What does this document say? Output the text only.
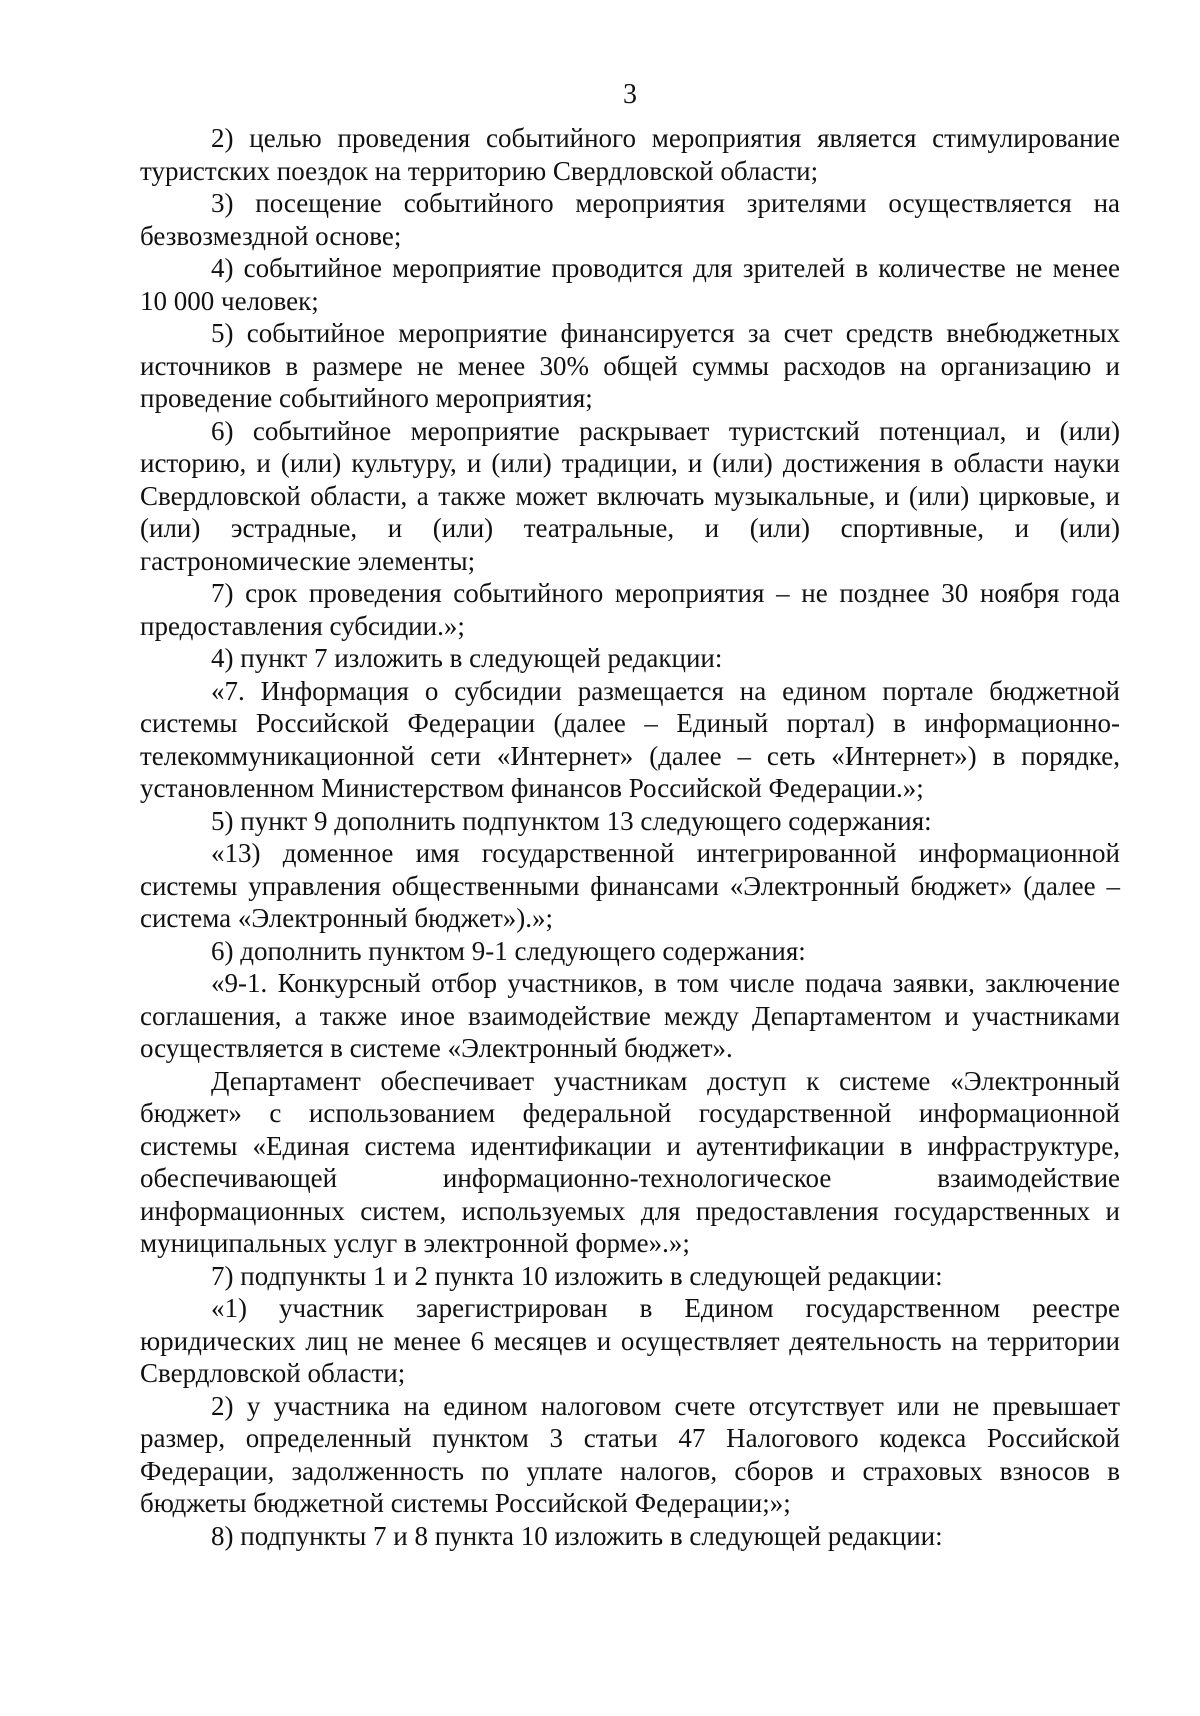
3

2) целью проведения событийного мероприятия является стимулирование туристских поездок на территорию Свердловской области;

3) посещение событийного мероприятия зрителями осуществляется на безвозмездной основе;

4) событийное мероприятие проводится для зрителей в количестве не менее 10 000 человек;

5) событийное мероприятие финансируется за счет средств внебюджетных источников в размере не менее 30% общей суммы расходов на организацию и проведение событийного мероприятия;

6) событийное мероприятие раскрывает туристский потенциал, и (или) историю, и (или) культуру, и (или) традиции, и (или) достижения в области науки Свердловской области, а также может включать музыкальные, и (или) цирковые, и (или) эстрадные, и (или) театральные, и (или) спортивные, и (или) гастрономические элементы;

7) срок проведения событийного мероприятия – не позднее 30 ноября года предоставления субсидии.»;

4) пункт 7 изложить в следующей редакции:

«7. Информация о субсидии размещается на едином портале бюджетной системы Российской Федерации (далее – Единый портал) в информационно-телекоммуникационной сети «Интернет» (далее – сеть «Интернет») в порядке, установленном Министерством финансов Российской Федерации.»;

5) пункт 9 дополнить подпунктом 13 следующего содержания:

«13) доменное имя государственной интегрированной информационной системы управления общественными финансами «Электронный бюджет» (далее – система «Электронный бюджет»).»;

6) дополнить пунктом 9-1 следующего содержания:

«9-1. Конкурсный отбор участников, в том числе подача заявки, заключение соглашения, а также иное взаимодействие между Департаментом и участниками осуществляется в системе «Электронный бюджет».

Департамент обеспечивает участникам доступ к системе «Электронный бюджет» с использованием федеральной государственной информационной системы «Единая система идентификации и аутентификации в инфраструктуре, обеспечивающей информационно-технологическое взаимодействие информационных систем, используемых для предоставления государственных и муниципальных услуг в электронной форме».»;

7) подпункты 1 и 2 пункта 10 изложить в следующей редакции:

«1) участник зарегистрирован в Едином государственном реестре юридических лиц не менее 6 месяцев и осуществляет деятельность на территории Свердловской области;

2) у участника на едином налоговом счете отсутствует или не превышает размер, определенный пунктом 3 статьи 47 Налогового кодекса Российской Федерации, задолженность по уплате налогов, сборов и страховых взносов в бюджеты бюджетной системы Российской Федерации;»;

8) подпункты 7 и 8 пункта 10 изложить в следующей редакции:
